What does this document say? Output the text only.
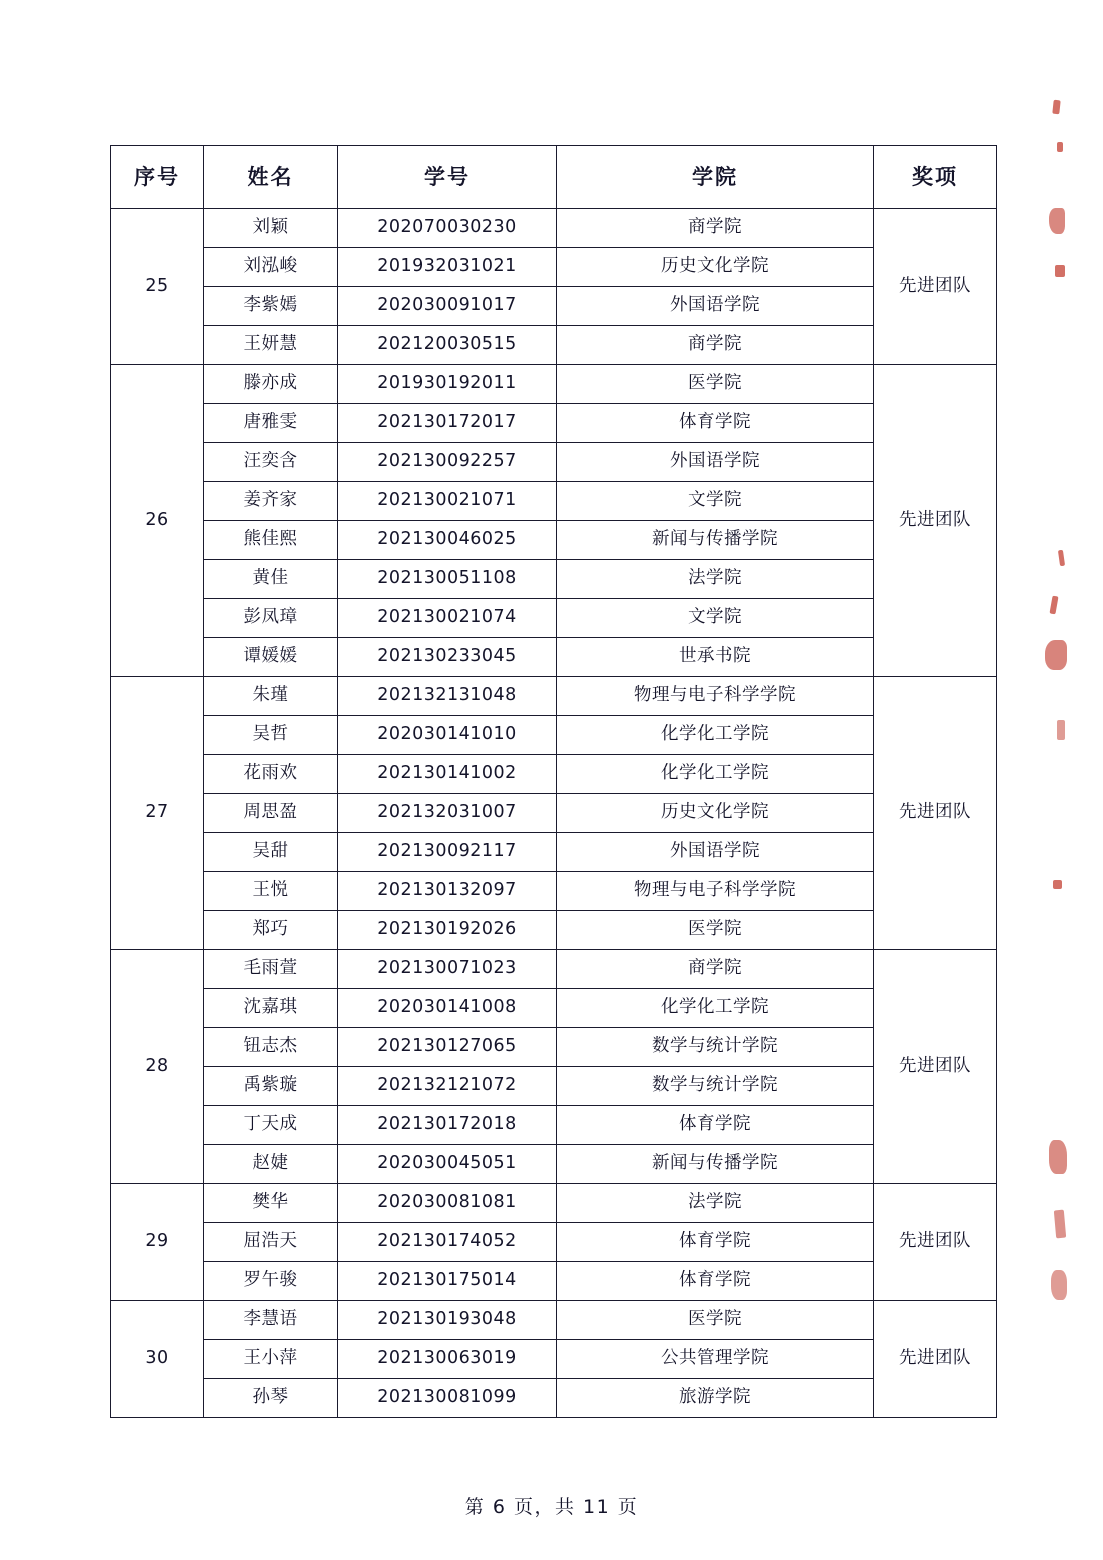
序号	姓名	学号	学院	奖项
25	刘颖	202070030230	商学院	先进团队
	刘泓峻	201932031021	历史文化学院	
	李紫嫣	202030091017	外国语学院	
	王妍慧	202120030515	商学院	
26	滕亦成	201930192011	医学院	先进团队
	唐雅雯	202130172017	体育学院	
	汪奕含	202130092257	外国语学院	
	姜齐家	202130021071	文学院	
	熊佳熙	202130046025	新闻与传播学院	
	黄佳	202130051108	法学院	
	彭凤璋	202130021074	文学院	
	谭媛媛	202130233045	世承书院	
27	朱瑾	202132131048	物理与电子科学学院	先进团队
	吴哲	202030141010	化学化工学院	
	花雨欢	202130141002	化学化工学院	
	周思盈	202132031007	历史文化学院	
	吴甜	202130092117	外国语学院	
	王悦	202130132097	物理与电子科学学院	
	郑巧	202130192026	医学院	
28	毛雨萱	202130071023	商学院	先进团队
	沈嘉琪	202030141008	化学化工学院	
	钮志杰	202130127065	数学与统计学院	
	禹紫璇	202132121072	数学与统计学院	
	丁天成	202130172018	体育学院	
	赵婕	202030045051	新闻与传播学院	
29	樊华	202030081081	法学院	先进团队
	屈浩天	202130174052	体育学院	
	罗午骏	202130175014	体育学院	
30	李慧语	202130193048	医学院	先进团队
	王小萍	202130063019	公共管理学院	
	孙琴	202130081099	旅游学院	
第 6 页，共 11 页
